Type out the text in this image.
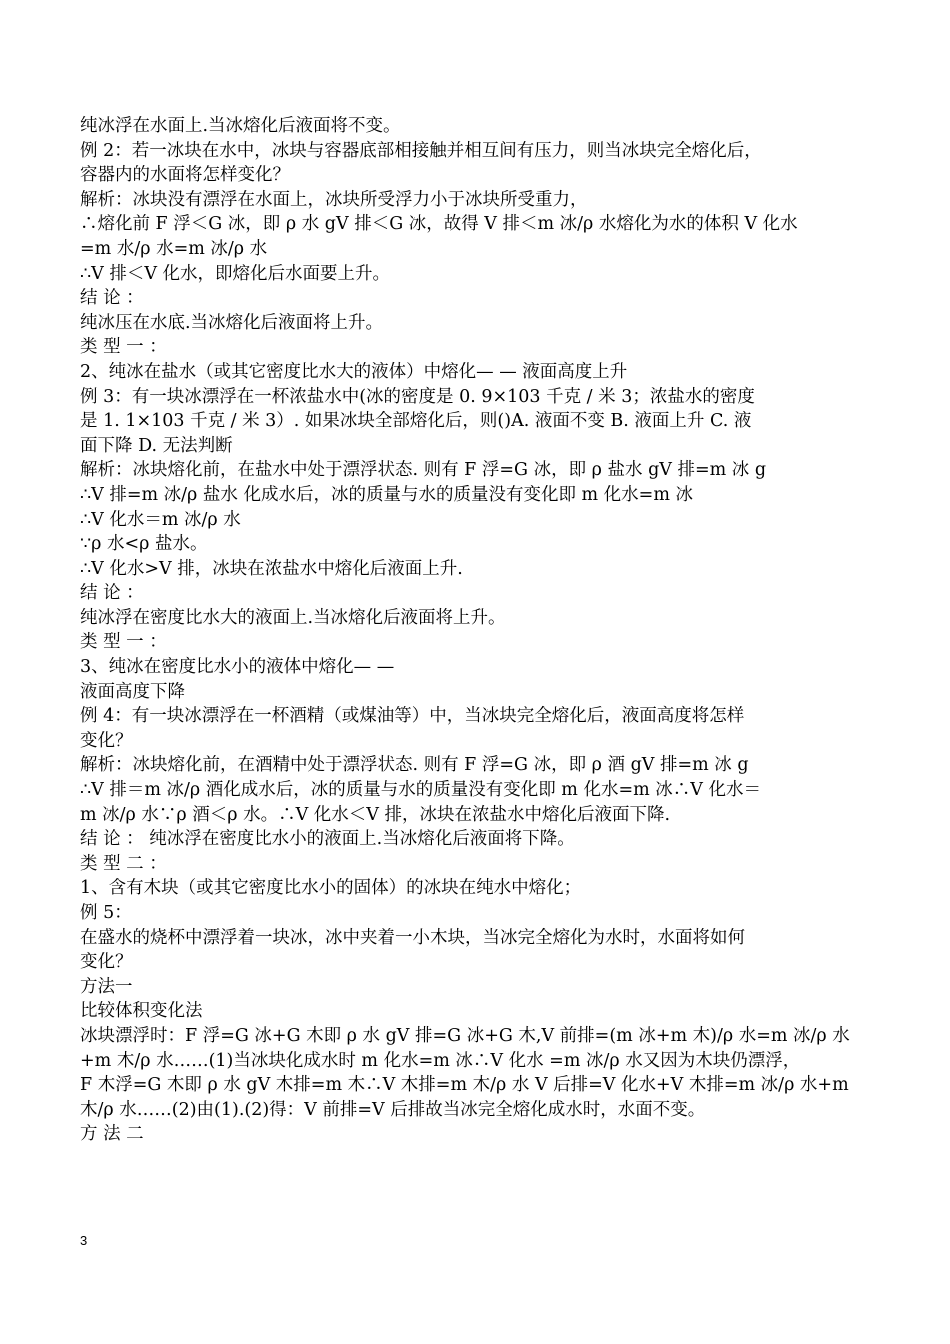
纯冰浮在水面上.当冰熔化后液面将不变。
例 2：若一冰块在水中，冰块与容器底部相接触并相互间有压力，则当冰块完全熔化后，
容器内的水面将怎样变化？
解析：冰块没有漂浮在水面上，冰块所受浮力小于冰块所受重力，
∴熔化前 F 浮＜G 冰，即 ρ 水 gV 排＜G 冰，故得 V 排＜m 冰/ρ 水熔化为水的体积 V 化水
=m 水/ρ 水=m 冰/ρ 水
∴V 排＜V 化水，即熔化后水面要上升。
结 论 ：
纯冰压在水底.当冰熔化后液面将上升。
类 型 一 ：
2、纯冰在盐水（或其它密度比水大的液体）中熔化— — 液面高度上升
例 3：有一块冰漂浮在一杯浓盐水中(冰的密度是 0. 9×103 千克 / 米 3；浓盐水的密度
是 1. 1×103 千克 / 米 3）. 如果冰块全部熔化后，则()A. 液面不变 B. 液面上升 C. 液
面下降 D. 无法判断
解析：冰块熔化前，在盐水中处于漂浮状态. 则有 F 浮=G 冰，即 ρ 盐水 gV 排=m 冰 g
∴V 排=m 冰/ρ 盐水 化成水后，冰的质量与水的质量没有变化即 m 化水=m 冰
∴V 化水＝m 冰/ρ 水
∵ρ 水<ρ 盐水。
∴V 化水>V 排，冰块在浓盐水中熔化后液面上升.
结 论 ：
纯冰浮在密度比水大的液面上.当冰熔化后液面将上升。
类 型 一 ：
3、纯冰在密度比水小的液体中熔化— —
液面高度下降
例 4：有一块冰漂浮在一杯酒精（或煤油等）中，当冰块完全熔化后，液面高度将怎样
变化？
解析：冰块熔化前，在酒精中处于漂浮状态. 则有 F 浮=G 冰，即 ρ 酒 gV 排=m 冰 g
∴V 排＝m 冰/ρ 酒化成水后，冰的质量与水的质量没有变化即 m 化水=m 冰∴V 化水＝
m 冰/ρ 水∵ρ 酒＜ρ 水。∴V 化水＜V 排，冰块在浓盐水中熔化后液面下降.
结 论 ： 纯冰浮在密度比水小的液面上.当冰熔化后液面将下降。
类 型 二 ：
1、含有木块（或其它密度比水小的固体）的冰块在纯水中熔化；
例 5：
在盛水的烧杯中漂浮着一块冰，冰中夹着一小木块，当冰完全熔化为水时，水面将如何
变化？
方法一
比较体积变化法
冰块漂浮时：F 浮=G 冰+G 木即 ρ 水 gV 排=G 冰+G 木,V 前排=(m 冰+m 木)/ρ 水=m 冰/ρ 水
+m 木/ρ 水……(1)当冰块化成水时 m 化水=m 冰∴V 化水 =m 冰/ρ 水又因为木块仍漂浮，
F 木浮=G 木即 ρ 水 gV 木排=m 木∴V 木排=m 木/ρ 水 V 后排=V 化水+V 木排=m 冰/ρ 水+m
木/ρ 水……(2)由(1).(2)得：V 前排=V 后排故当冰完全熔化成水时，水面不变。
方 法 二
3
